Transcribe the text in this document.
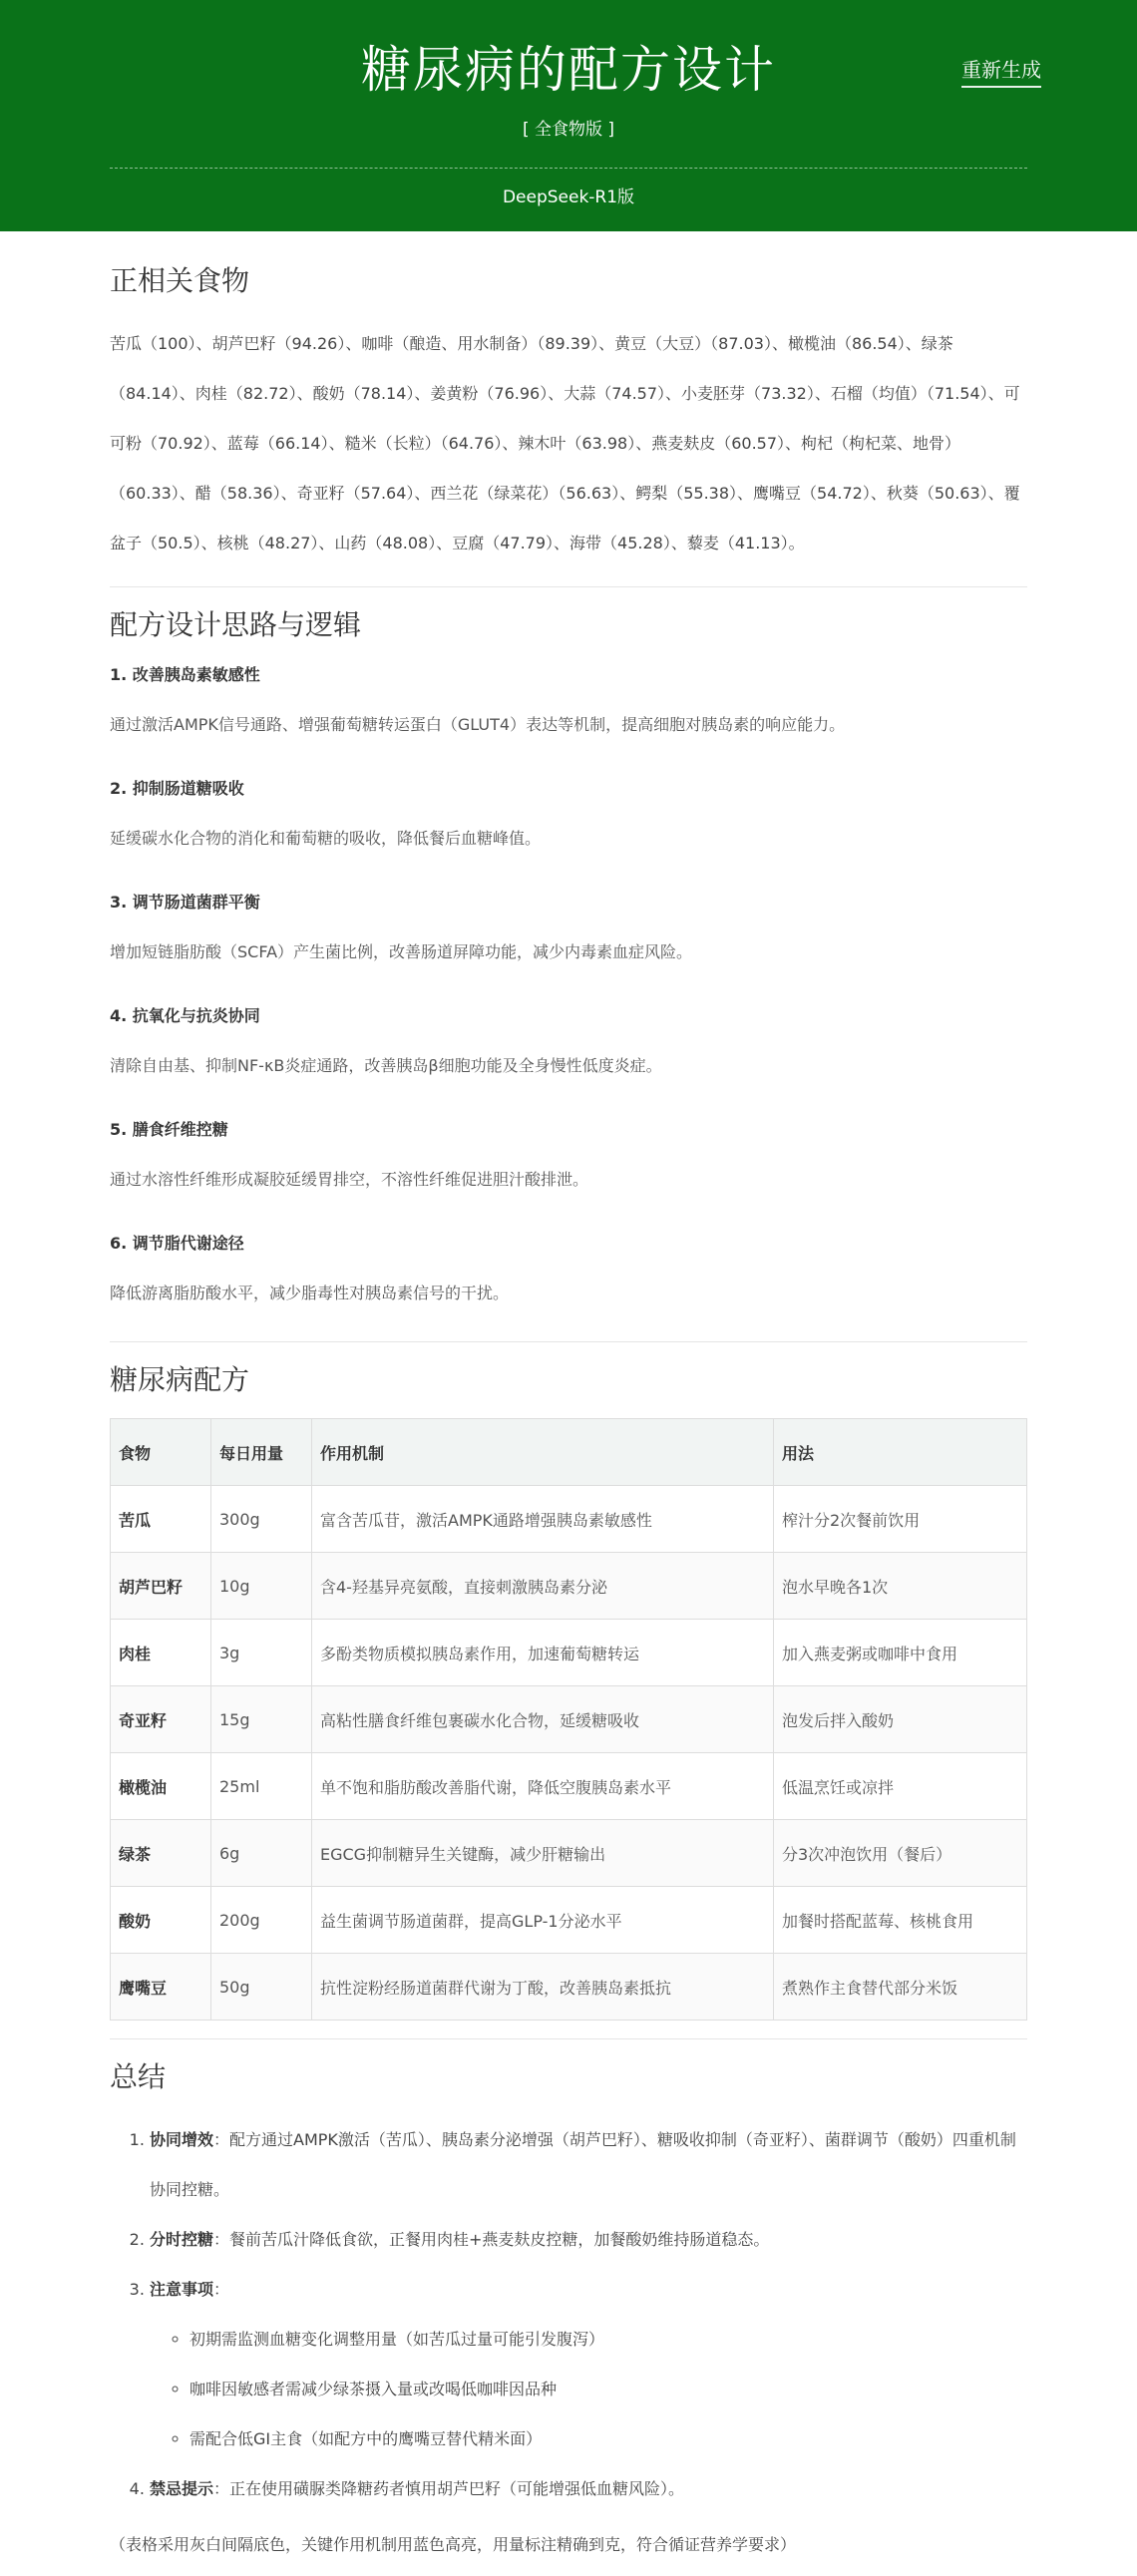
糖尿病的配方设计
[ 全食物版 ]
DeepSeek-R1版
重新生成
正相关食物

苦瓜（100）、胡芦巴籽（94.26）、咖啡（酿造、用水制备）（89.39）、黄豆（大豆）（87.03）、橄榄油（86.54）、绿茶（84.14）、肉桂（82.72）、酸奶（78.14）、姜黄粉（76.96）、大蒜（74.57）、小麦胚芽（73.32）、石榴（均值）（71.54）、可可粉（70.92）、蓝莓（66.14）、糙米（长粒）（64.76）、辣木叶（63.98）、燕麦麸皮（60.57）、枸杞（枸杞菜、地骨）（60.33）、醋（58.36）、奇亚籽（57.64）、西兰花（绿菜花）（56.63）、鳄梨（55.38）、鹰嘴豆（54.72）、秋葵（50.63）、覆盆子（50.5）、核桃（48.27）、山药（48.08）、豆腐（47.79）、海带（45.28）、藜麦（41.13）。

配方设计思路与逻辑

1. 改善胰岛素敏感性

通过激活AMPK信号通路、增强葡萄糖转运蛋白（GLUT4）表达等机制，提高细胞对胰岛素的响应能力。

2. 抑制肠道糖吸收

延缓碳水化合物的消化和葡萄糖的吸收，降低餐后血糖峰值。

3. 调节肠道菌群平衡

增加短链脂肪酸（SCFA）产生菌比例，改善肠道屏障功能，减少内毒素血症风险。

4. 抗氧化与抗炎协同

清除自由基、抑制NF-κB炎症通路，改善胰岛β细胞功能及全身慢性低度炎症。

5. 膳食纤维控糖

通过水溶性纤维形成凝胶延缓胃排空，不溶性纤维促进胆汁酸排泄。

6. 调节脂代谢途径

降低游离脂肪酸水平，减少脂毒性对胰岛素信号的干扰。

糖尿病配方
食物	每日用量	作用机制	用法
苦瓜	300g	富含苦瓜苷，激活AMPK通路增强胰岛素敏感性	榨汁分2次餐前饮用
胡芦巴籽	10g	含4-羟基异亮氨酸，直接刺激胰岛素分泌	泡水早晚各1次
肉桂	3g	多酚类物质模拟胰岛素作用，加速葡萄糖转运	加入燕麦粥或咖啡中食用
奇亚籽	15g	高粘性膳食纤维包裹碳水化合物，延缓糖吸收	泡发后拌入酸奶
橄榄油	25ml	单不饱和脂肪酸改善脂代谢，降低空腹胰岛素水平	低温烹饪或凉拌
绿茶	6g	EGCG抑制糖异生关键酶，减少肝糖输出	分3次冲泡饮用（餐后）
酸奶	200g	益生菌调节肠道菌群，提高GLP-1分泌水平	加餐时搭配蓝莓、核桃食用
鹰嘴豆	50g	抗性淀粉经肠道菌群代谢为丁酸，改善胰岛素抵抗	煮熟作主食替代部分米饭
总结
1. 协同增效：配方通过AMPK激活（苦瓜）、胰岛素分泌增强（胡芦巴籽）、糖吸收抑制（奇亚籽）、菌群调节（酸奶）四重机制协同控糖。
2. 分时控糖：餐前苦瓜汁降低食欲，正餐用肉桂+燕麦麸皮控糖，加餐酸奶维持肠道稳态。
3. 注意事项：
◦ 初期需监测血糖变化调整用量（如苦瓜过量可能引发腹泻）
◦ 咖啡因敏感者需减少绿茶摄入量或改喝低咖啡因品种
◦ 需配合低GI主食（如配方中的鹰嘴豆替代精米面）
4. 禁忌提示：正在使用磺脲类降糖药者慎用胡芦巴籽（可能增强低血糖风险）。

（表格采用灰白间隔底色，关键作用机制用蓝色高亮，用量标注精确到克，符合循证营养学要求）
